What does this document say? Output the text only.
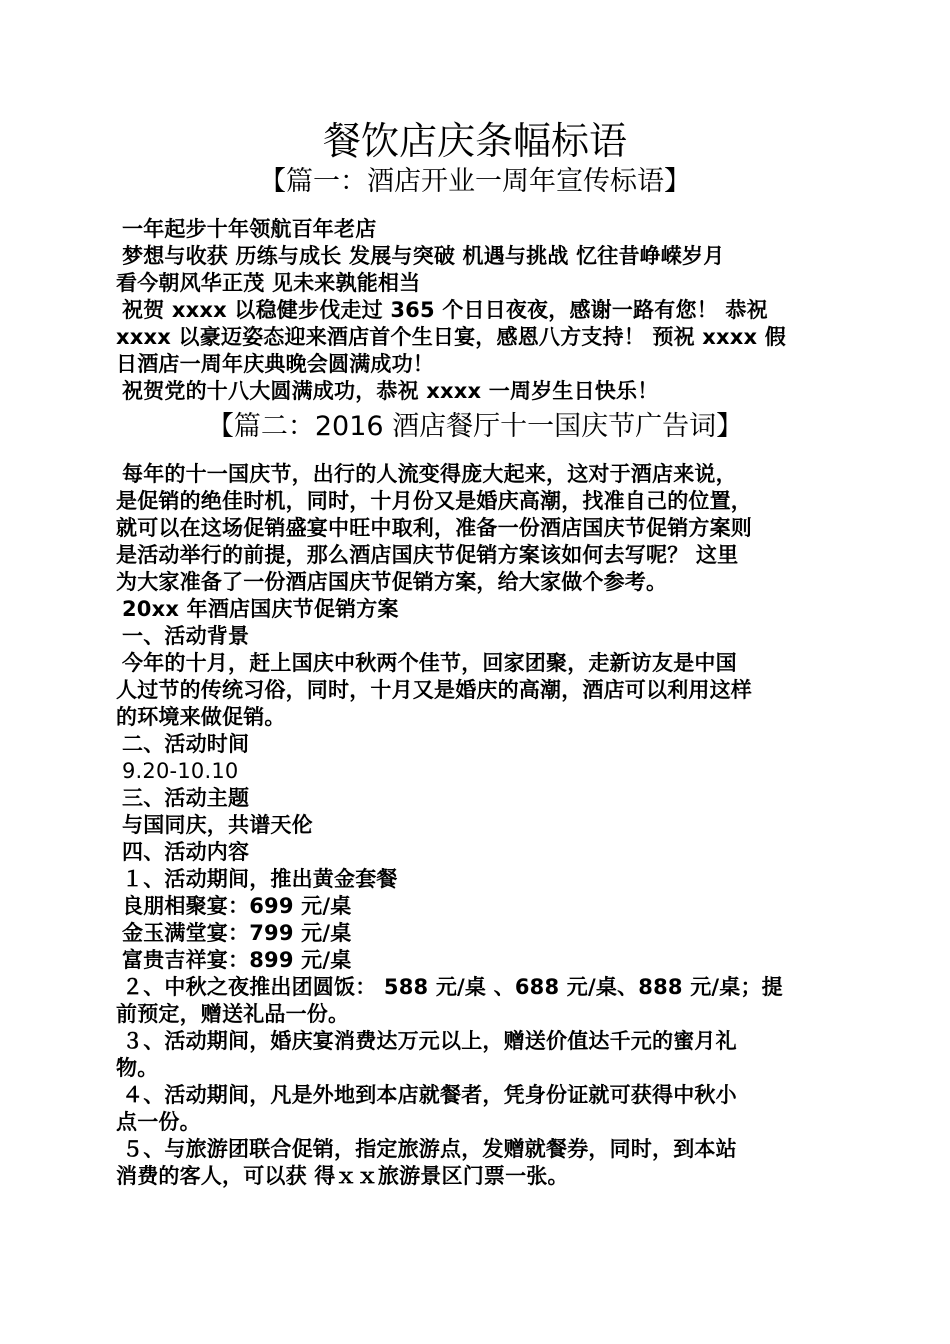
餐饮店庆条幅标语
【篇一：酒店开业一周年宣传标语】

一年起步十年领航百年老店

梦想与收获 历练与成长 发展与突破 机遇与挑战 忆往昔峥嵘岁月

看今朝风华正茂 见未来孰能相当

祝贺 xxxx 以稳健步伐走过 365 个日日夜夜，感谢一路有您！ 恭祝

xxxx 以豪迈姿态迎来酒店首个生日宴，感恩八方支持！ 预祝 xxxx 假

日酒店一周年庆典晚会圆满成功！

祝贺党的十八大圆满成功，恭祝 xxxx 一周岁生日快乐！

【篇二：2016 酒店餐厅十一国庆节广告词】

每年的十一国庆节，出行的人流变得庞大起来，这对于酒店来说，

是促销的绝佳时机，同时，十月份又是婚庆高潮，找准自己的位置，

就可以在这场促销盛宴中旺中取利，准备一份酒店国庆节促销方案则

是活动举行的前提，那么酒店国庆节促销方案该如何去写呢？ 这里

为大家准备了一份酒店国庆节促销方案，给大家做个参考。

20xx 年酒店国庆节促销方案

一、活动背景

今年的十月，赶上国庆中秋两个佳节，回家团聚，走新访友是中国

人过节的传统习俗，同时，十月又是婚庆的高潮，酒店可以利用这样

的环境来做促销。

二、活动时间

9.20-10.10

三、活动主题

与国同庆，共谱天伦

四、活动内容

１、活动期间，推出黄金套餐

良朋相聚宴：699 元/桌

金玉满堂宴：799 元/桌

富贵吉祥宴：899 元/桌

２、中秋之夜推出团圆饭： 588 元/桌 、688 元/桌、888 元/桌；提

前预定，赠送礼品一份。

３、活动期间，婚庆宴消费达万元以上，赠送价值达千元的蜜月礼

物。

４、活动期间，凡是外地到本店就餐者，凭身份证就可获得中秋小

点一份。

５、与旅游团联合促销，指定旅游点，发赠就餐券，同时，到本站

消费的客人，可以获 得ｘｘ旅游景区门票一张。
